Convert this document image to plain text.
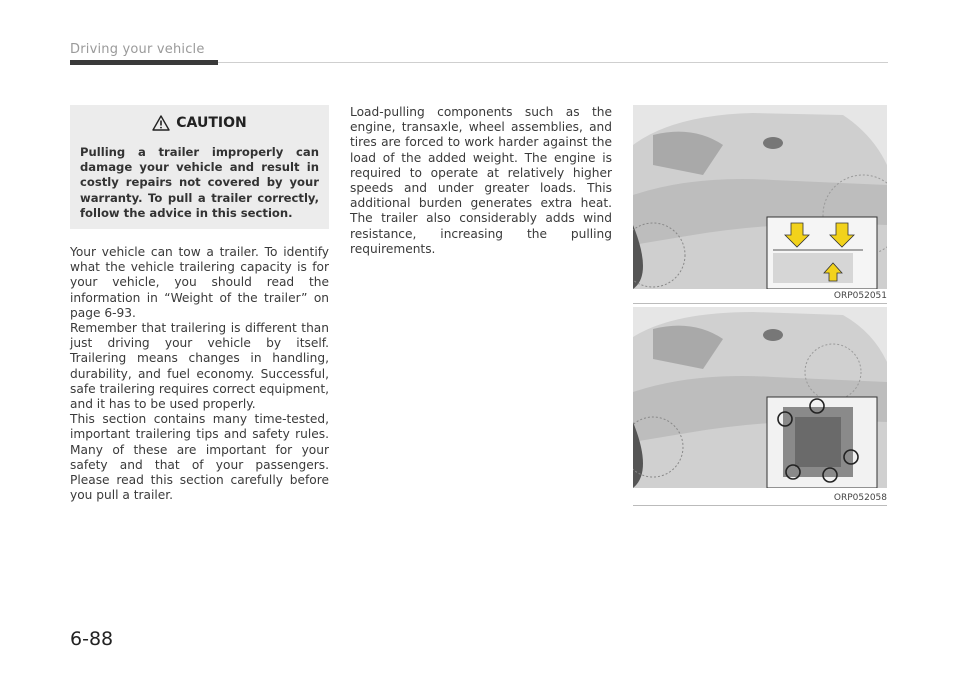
Driving your vehicle
CAUTION
Pulling a trailer improperly can damage your vehicle and result in costly repairs not covered by your warranty. To pull a trailer correctly, follow the advice in this section.

Your vehicle can tow a trailer. To identify what the vehicle trailering capacity is for your vehicle, you should read the information in “Weight of the trailer” on page 6-93.

Remember that trailering is different than just driving your vehicle by itself. Trailering means changes in handling, durability, and fuel economy. Successful, safe trailering requires correct equipment, and it has to be used properly.

This section contains many time-tested, important trailering tips and safety rules. Many of these are important for your safety and that of your passengers. Please read this section carefully before you pull a trailer.

Load-pulling components such as the engine, transaxle, wheel assemblies, and tires are forced to work harder against the load of the added weight. The engine is required to operate at relatively higher speeds and under greater loads. This additional burden generates extra heat. The trailer also considerably adds wind resistance, increasing the pulling requirements.

ORP052051
ORP052058
6-88
